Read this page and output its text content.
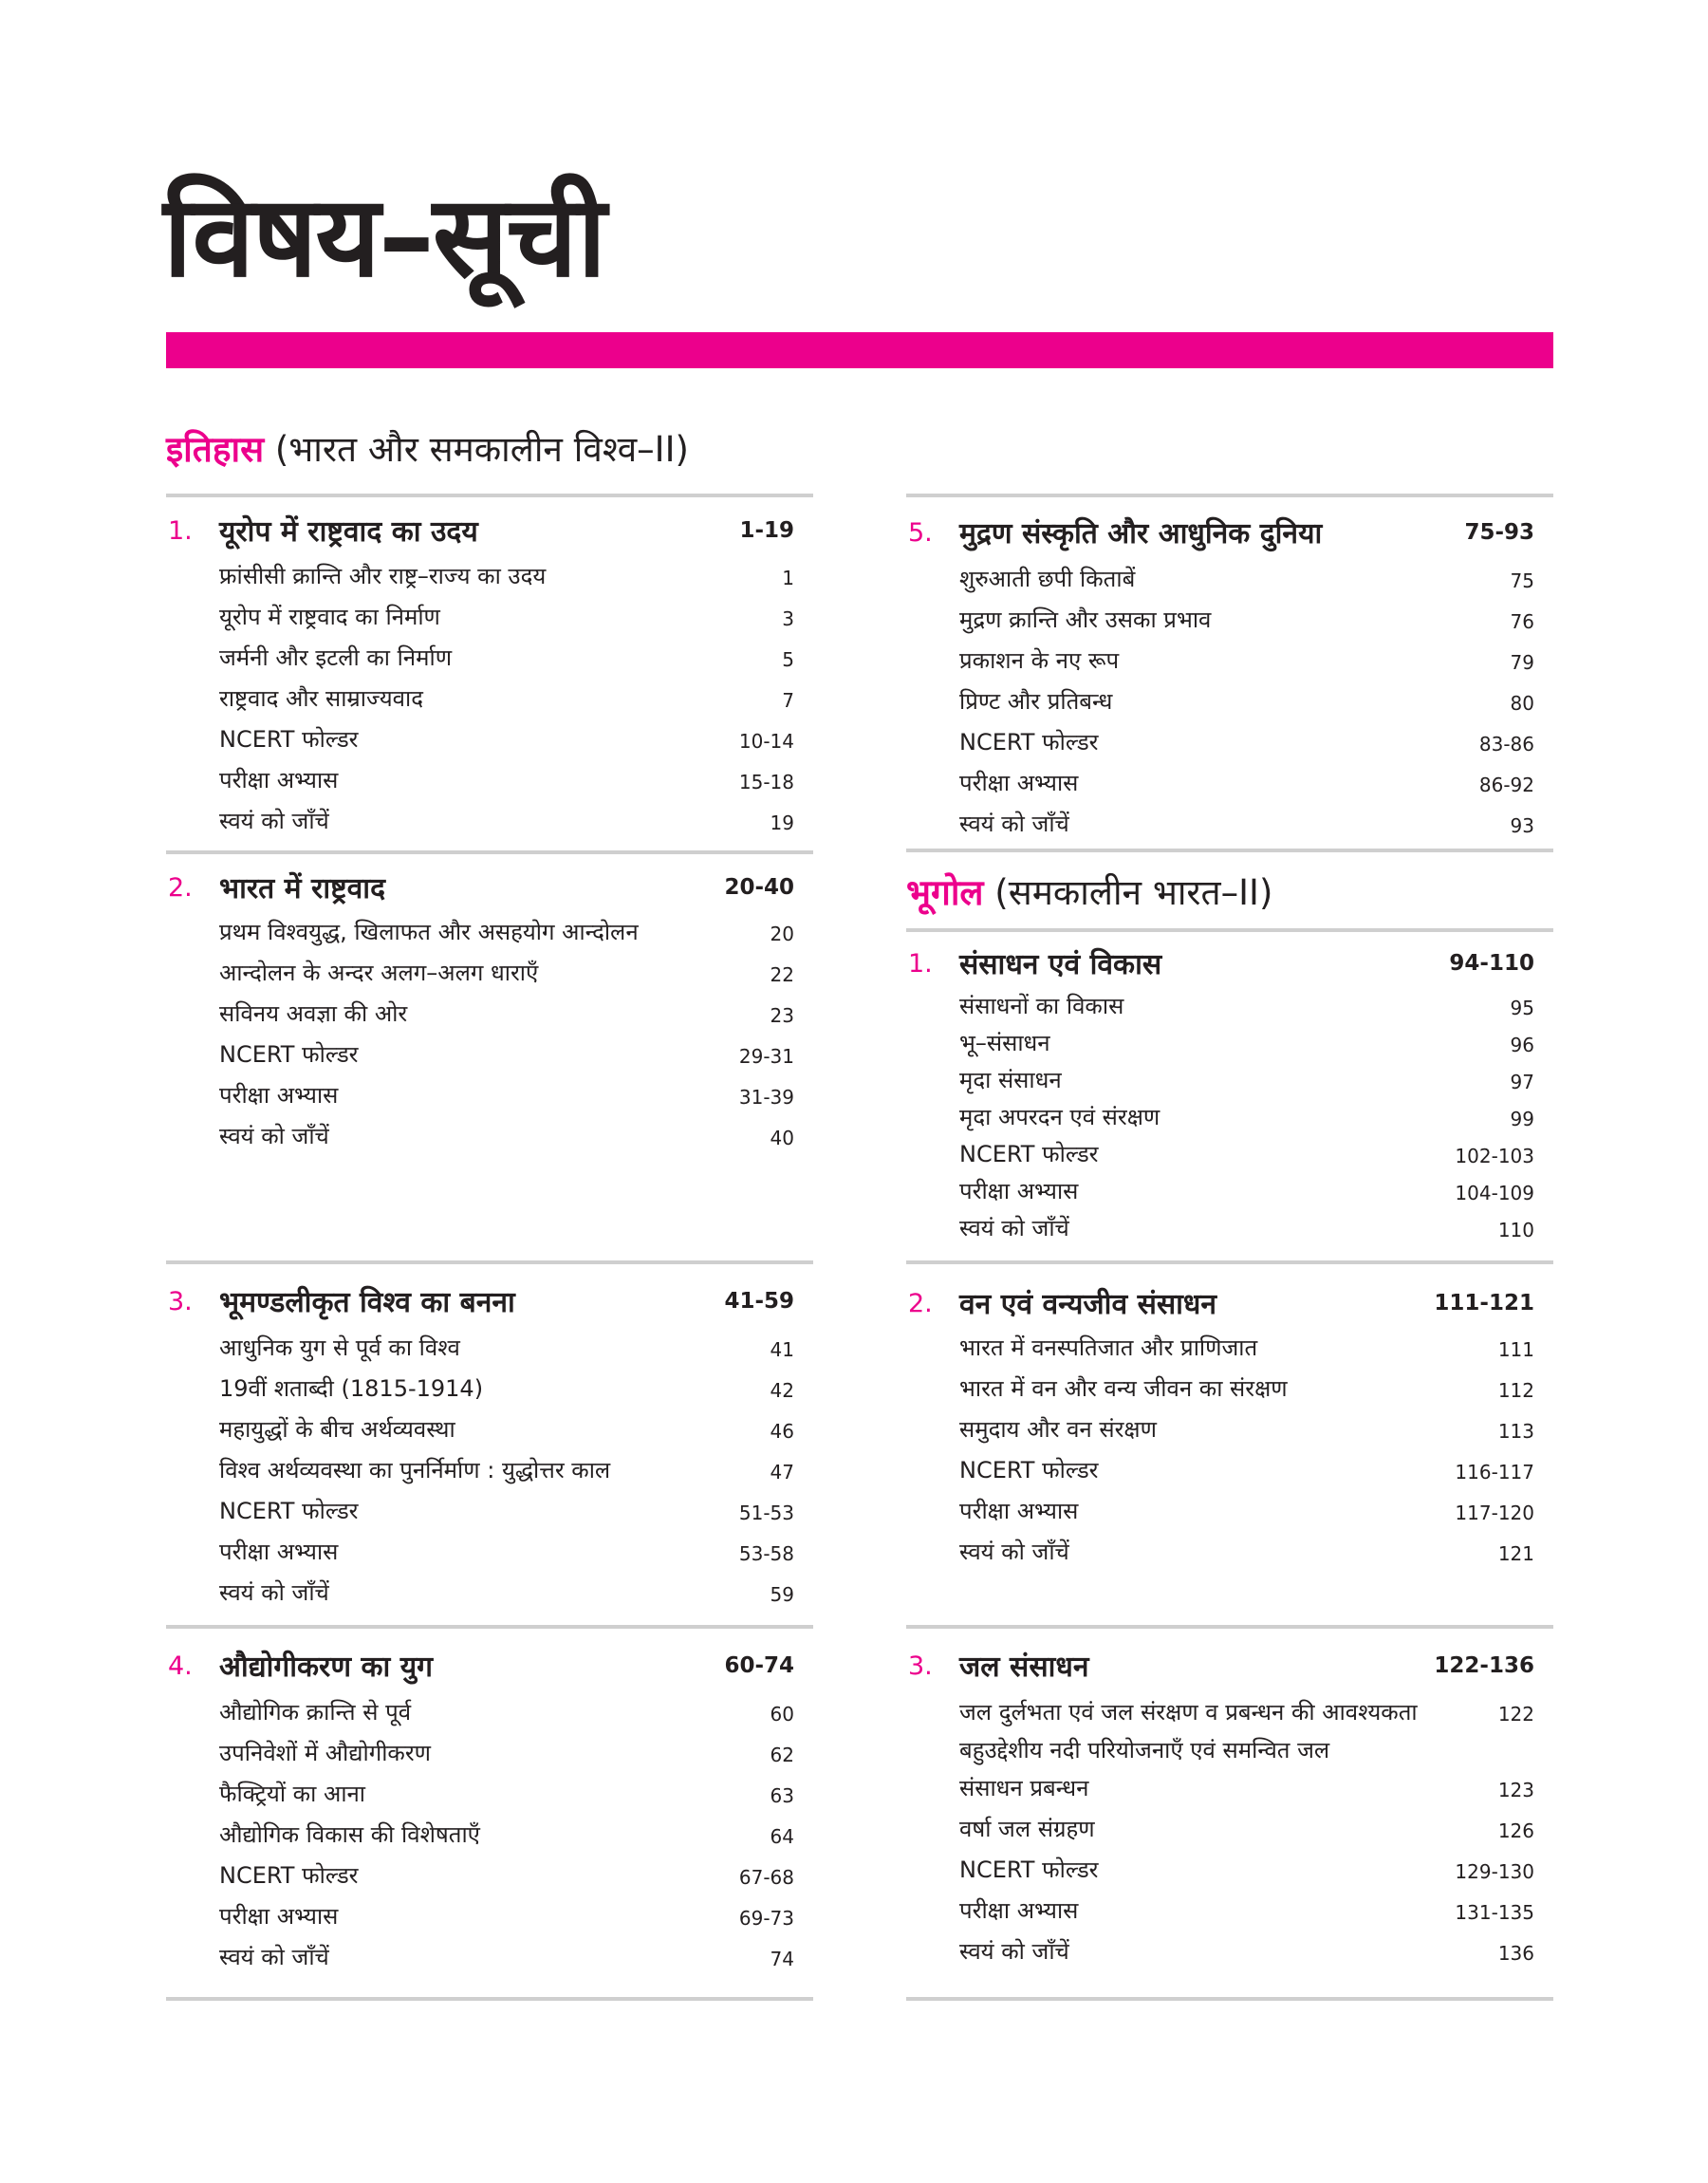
विषय–सूची
इतिहास (भारत और समकालीन विश्व–II)
भूगोल (समकालीन भारत–II)
1. यूरोप में राष्ट्रवाद का उदय	1-19
फ्रांसीसी क्रान्ति और राष्ट्र–राज्य का उदय	1
यूरोप में राष्ट्रवाद का निर्माण	3
जर्मनी और इटली का निर्माण	5
राष्ट्रवाद और साम्राज्यवाद	7
NCERT फोल्डर	10-14
परीक्षा अभ्यास	15-18
स्वयं को जाँचें	19
2. भारत में राष्ट्रवाद	20-40
प्रथम विश्वयुद्ध, खिलाफत और असहयोग आन्दोलन	20
आन्दोलन के अन्दर अलग–अलग धाराएँ	22
सविनय अवज्ञा की ओर	23
NCERT फोल्डर	29-31
परीक्षा अभ्यास	31-39
स्वयं को जाँचें	40
3. भूमण्डलीकृत विश्व का बनना	41-59
आधुनिक युग से पूर्व का विश्व	41
19वीं शताब्दी (1815-1914)	42
महायुद्धों के बीच अर्थव्यवस्था	46
विश्व अर्थव्यवस्था का पुनर्निर्माण : युद्धोत्तर काल	47
NCERT फोल्डर	51-53
परीक्षा अभ्यास	53-58
स्वयं को जाँचें	59
4. औद्योगीकरण का युग	60-74
औद्योगिक क्रान्ति से पूर्व	60
उपनिवेशों में औद्योगीकरण	62
फैक्ट्रियों का आना	63
औद्योगिक विकास की विशेषताएँ	64
NCERT फोल्डर	67-68
परीक्षा अभ्यास	69-73
स्वयं को जाँचें	74
5. मुद्रण संस्कृति और आधुनिक दुनिया	75-93
शुरुआती छपी किताबें	75
मुद्रण क्रान्ति और उसका प्रभाव	76
प्रकाशन के नए रूप	79
प्रिण्ट और प्रतिबन्ध	80
NCERT फोल्डर	83-86
परीक्षा अभ्यास	86-92
स्वयं को जाँचें	93
1. संसाधन एवं विकास	94-110
संसाधनों का विकास	95
भू–संसाधन	96
मृदा संसाधन	97
मृदा अपरदन एवं संरक्षण	99
NCERT फोल्डर	102-103
परीक्षा अभ्यास	104-109
स्वयं को जाँचें	110
2. वन एवं वन्यजीव संसाधन	111-121
भारत में वनस्पतिजात और प्राणिजात	111
भारत में वन और वन्य जीवन का संरक्षण	112
समुदाय और वन संरक्षण	113
NCERT फोल्डर	116-117
परीक्षा अभ्यास	117-120
स्वयं को जाँचें	121
3. जल संसाधन	122-136
जल दुर्लभता एवं जल संरक्षण व प्रबन्धन की आवश्यकता	122
बहुउद्देशीय नदी परियोजनाएँ एवं समन्वित जल
संसाधन प्रबन्धन	123
वर्षा जल संग्रहण	126
NCERT फोल्डर	129-130
परीक्षा अभ्यास	131-135
स्वयं को जाँचें	136
